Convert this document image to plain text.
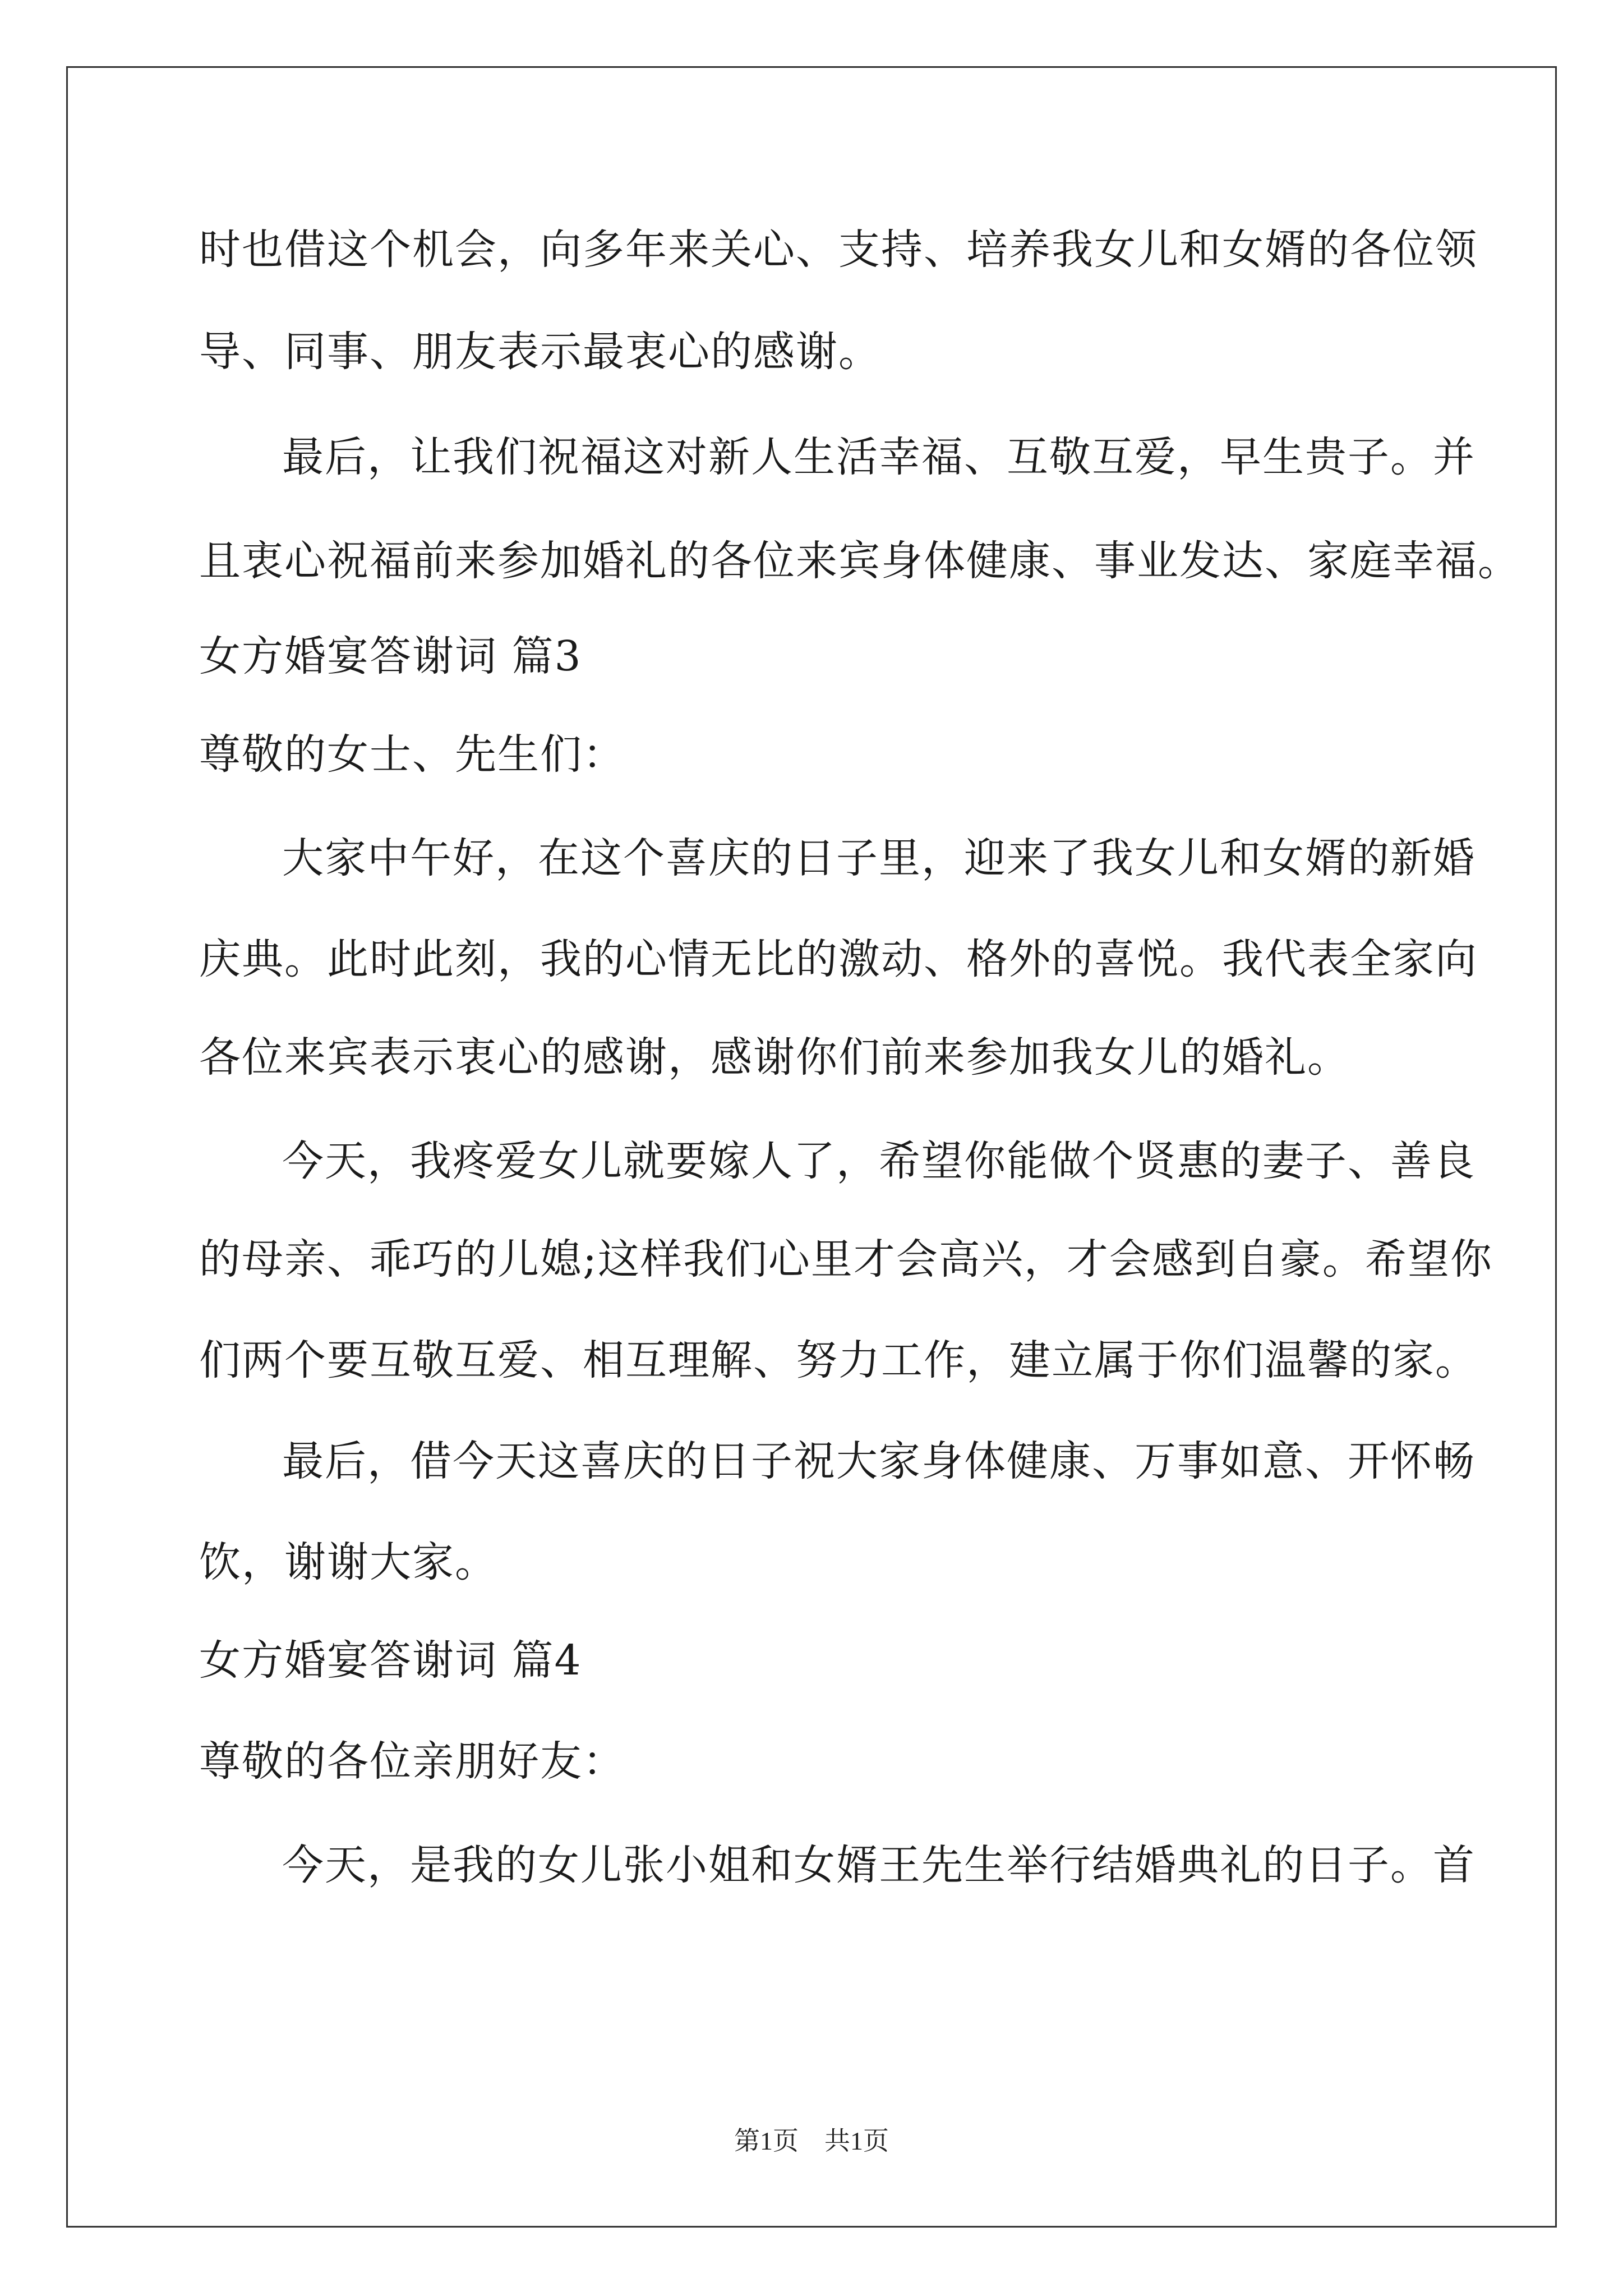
时也借这个机会，向多年来关心、支持、培养我女儿和女婿的各位领
导、同事、朋友表示最衷心的感谢。
最后，让我们祝福这对新人生活幸福、互敬互爱，早生贵子。并
且衷心祝福前来参加婚礼的各位来宾身体健康、事业发达、家庭幸福。
女方婚宴答谢词 篇3
尊敬的女士、先生们：
大家中午好，在这个喜庆的日子里，迎来了我女儿和女婿的新婚
庆典。此时此刻，我的心情无比的激动、格外的喜悦。我代表全家向
各位来宾表示衷心的感谢，感谢你们前来参加我女儿的婚礼。
今天，我疼爱女儿就要嫁人了，希望你能做个贤惠的妻子、善良
的母亲、乖巧的儿媳;这样我们心里才会高兴，才会感到自豪。希望你
们两个要互敬互爱、相互理解、努力工作，建立属于你们温馨的家。
最后，借今天这喜庆的日子祝大家身体健康、万事如意、开怀畅
饮，谢谢大家。
女方婚宴答谢词 篇4
尊敬的各位亲朋好友：
今天，是我的女儿张小姐和女婿王先生举行结婚典礼的日子。首
第1页　共1页
